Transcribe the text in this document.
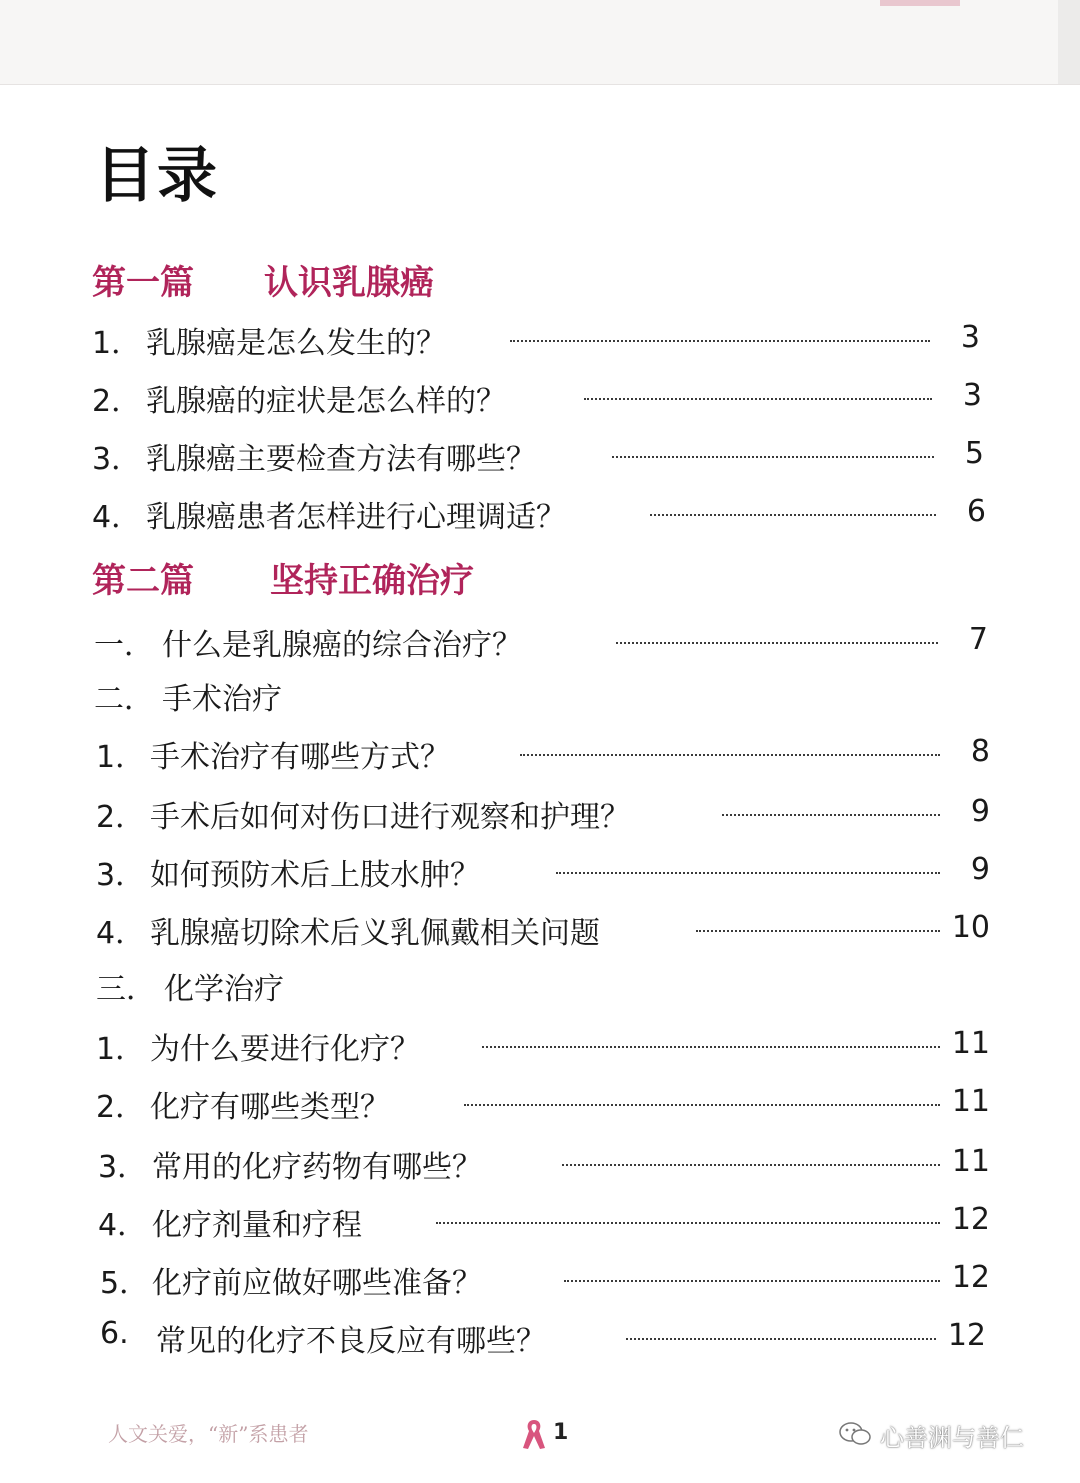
目录
第一篇 认识乳腺癌
1． 乳腺癌是怎么发生的？	3
2． 乳腺癌的症状是怎么样的？	3
3． 乳腺癌主要检查方法有哪些？	5
4． 乳腺癌患者怎样进行心理调适？	6
第二篇 坚持正确治疗
一． 什么是乳腺癌的综合治疗？	7
二． 手术治疗
1． 手术治疗有哪些方式？	8
2． 手术后如何对伤口进行观察和护理？	9
3． 如何预防术后上肢水肿？	9
4． 乳腺癌切除术后义乳佩戴相关问题	10
三． 化学治疗
1． 为什么要进行化疗？	11
2． 化疗有哪些类型？	11
3． 常用的化疗药物有哪些？	11
4． 化疗剂量和疗程	12
5． 化疗前应做好哪些准备？	12
6. 常见的化疗不良反应有哪些？	12
人文关爱，“新”系患者	1	心善渊与善仁
